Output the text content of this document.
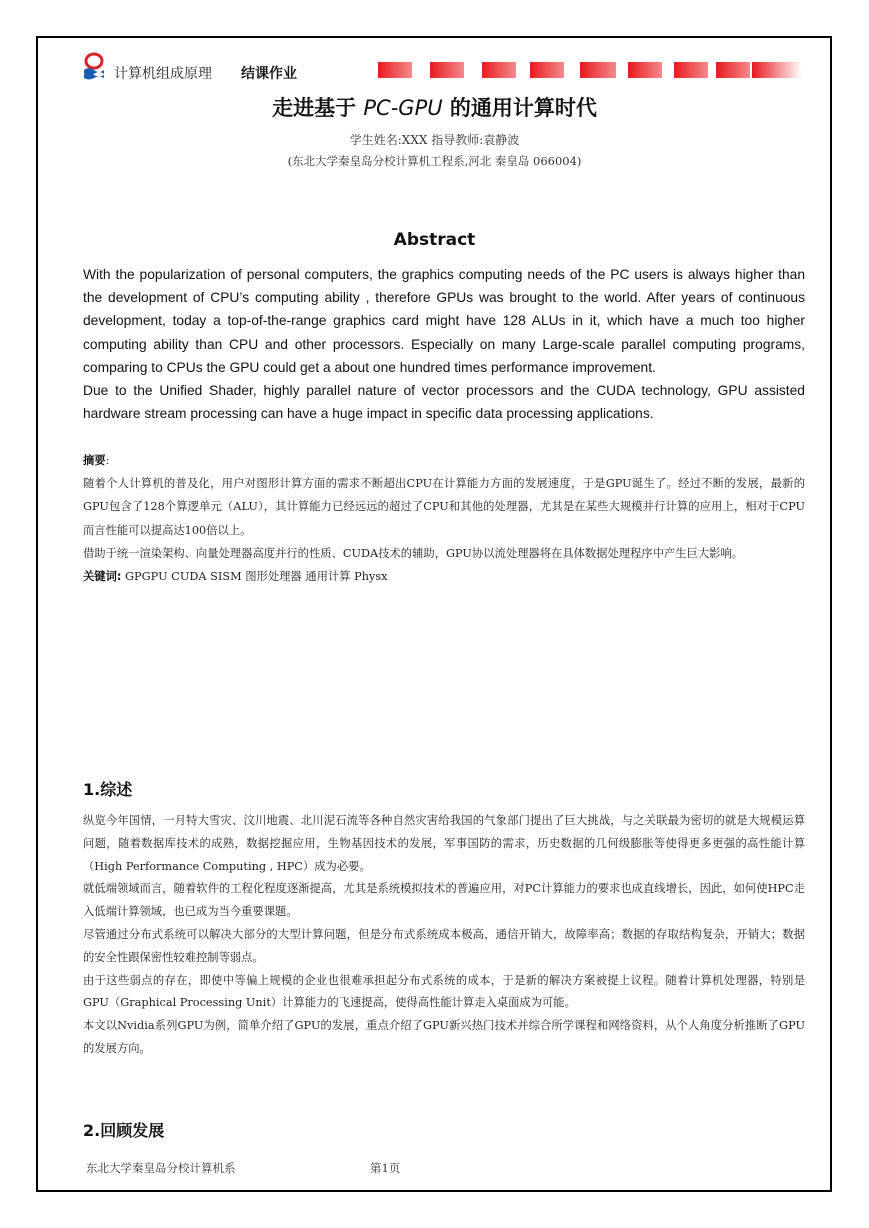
计算机组成原理 结课作业
走进基于 PC-GPU 的通用计算时代
学生姓名:XXX 指导教师:袁静波
(东北大学秦皇岛分校计算机工程系,河北 秦皇岛 066004)
Abstract

With the popularization of personal computers, the graphics computing needs of the PC users is always higher than the development of CPU’s computing ability , therefore GPUs was brought to the world. After years of continuous development, today a top-of-the-range graphics card might have 128 ALUs in it, which have a much too higher computing ability than CPU and other processors. Especially on many Large-scale parallel computing programs, comparing to CPUs the GPU could get a about one hundred times performance improvement.

Due to the Unified Shader, highly parallel nature of vector processors and the CUDA technology, GPU assisted hardware stream processing can have a huge impact in specific data processing applications.

摘要:

随着个人计算机的普及化，用户对图形计算方面的需求不断超出CPU在计算能力方面的发展速度，于是GPU诞生了。经过不断的发展，最新的GPU包含了128个算逻单元（ALU），其计算能力已经远远的超过了CPU和其他的处理器，尤其是在某些大规模并行计算的应用上，相对于CPU而言性能可以提高达100倍以上。

借助于统一渲染架构、向量处理器高度并行的性质、CUDA技术的辅助，GPU协以流处理器将在具体数据处理程序中产生巨大影响。

关键词: GPGPU CUDA SISM 图形处理器 通用计算 Physx

1.综述

纵览今年国情，一月特大雪灾、汶川地震、北川泥石流等各种自然灾害给我国的气象部门提出了巨大挑战，与之关联最为密切的就是大规模运算问题，随着数据库技术的成熟，数据挖掘应用，生物基因技术的发展，军事国防的需求，历史数据的几何级膨胀等使得更多更强的高性能计算（High Performance Computing , HPC）成为必要。

就低端领域而言，随着软件的工程化程度逐渐提高，尤其是系统模拟技术的普遍应用，对PC计算能力的要求也成直线增长，因此，如何使HPC走入低端计算领域，也已成为当今重要课题。

尽管通过分布式系统可以解决大部分的大型计算问题，但是分布式系统成本极高，通信开销大，故障率高；数据的存取结构复杂，开销大；数据的安全性跟保密性较难控制等弱点。

由于这些弱点的存在，即使中等偏上规模的企业也很难承担起分布式系统的成本，于是新的解决方案被提上议程。随着计算机处理器，特别是GPU（Graphical Processing Unit）计算能力的飞速提高，使得高性能计算走入桌面成为可能。

本文以Nvidia系列GPU为例，简单介绍了GPU的发展，重点介绍了GPU新兴热门技术并综合所学课程和网络资料，从个人角度分析推断了GPU的发展方向。

2.回顾发展
东北大学秦皇岛分校计算机系	第1页
